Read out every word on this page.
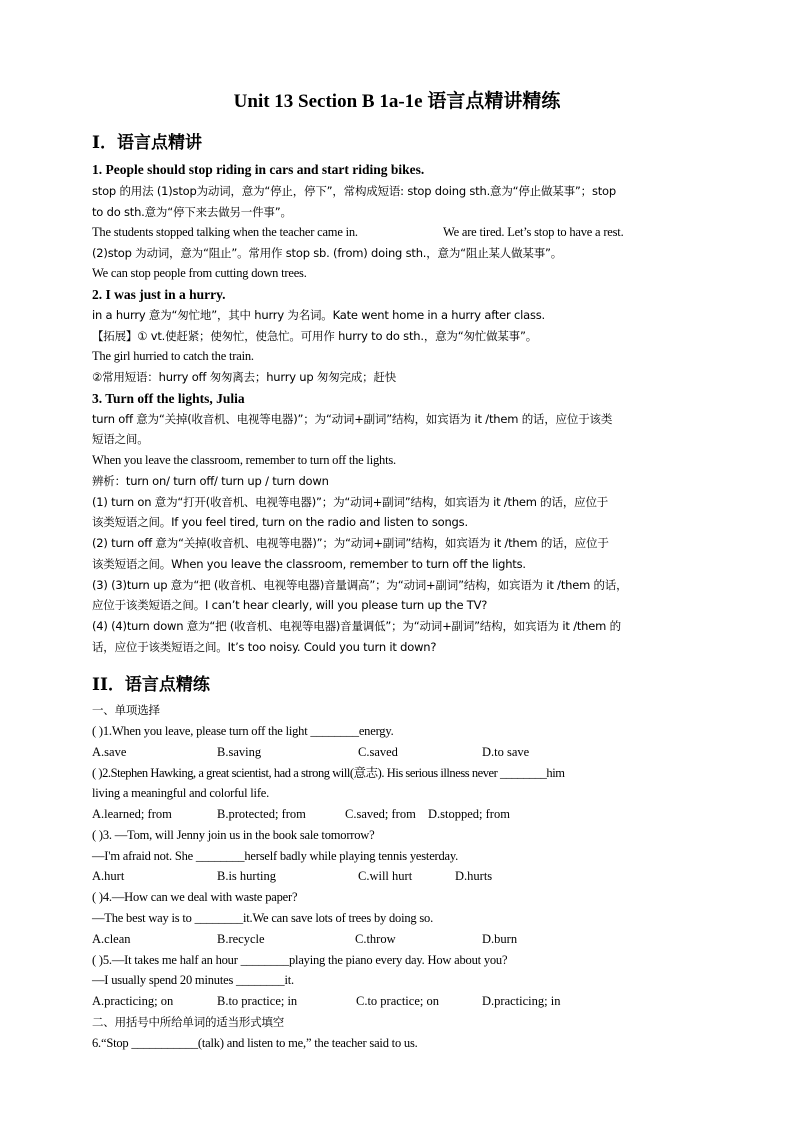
Unit 13 Section B 1a-1e 语言点精讲精练
I．语言点精讲
1. People should stop riding in cars and start riding bikes.
stop 的用法 (1)stop为动词，意为“停止，停下”，常构成短语: stop doing sth.意为“停止做某事”；stop
to do sth.意为“停下来去做另一件事”。
The students stopped talking when the teacher came in.	We are tired. Let’s stop to have a rest.
(2)stop 为动词，意为“阻止”。常用作 stop sb. (from) doing sth.，意为“阻止某人做某事”。
We can stop people from cutting down trees.
2. I was just in a hurry.
in a hurry 意为“匆忙地”，其中 hurry 为名词。Kate went home in a hurry after class.
【拓展】① vt.使赶紧；使匆忙，使急忙。可用作 hurry to do sth.，意为“匆忙做某事”。
The girl hurried to catch the train.
②常用短语：hurry off 匆匆离去；hurry up 匆匆完成；赶快
3. Turn off the lights, Julia
turn off 意为“关掉(收音机、电视等电器)”；为“动词+副词”结构，如宾语为 it /them 的话，应位于该类
短语之间。
When you leave the classroom, remember to turn off the lights.
辨析：turn on/ turn off/ turn up / turn down
(1) turn on 意为“打开(收音机、电视等电器)”；为“动词+副词”结构，如宾语为 it /them 的话，应位于
该类短语之间。If you feel tired, turn on the radio and listen to songs.
(2) turn off 意为“关掉(收音机、电视等电器)”；为“动词+副词”结构，如宾语为 it /them 的话，应位于
该类短语之间。When you leave the classroom, remember to turn off the lights.
(3) (3)turn up 意为“把 (收音机、电视等电器)音量调高”；为“动词+副词”结构，如宾语为 it /them 的话，
应位于该类短语之间。I can’t hear clearly, will you please turn up the TV?
(4) (4)turn down 意为“把 (收音机、电视等电器)音量调低”；为“动词+副词”结构，如宾语为 it /them 的
话，应位于该类短语之间。It’s too noisy. Could you turn it down?
II．语言点精练
一、单项选择
( )1.When you leave, please turn off the light ________energy.
A.save	B.saving	C.saved	D.to save
( )2.Stephen Hawking, a great scientist, had a strong will(意志). His serious illness never ________him
living a meaningful and colorful life.
A.learned; from	B.protected; from	C.saved; from D.stopped; from
( )3. —Tom, will Jenny join us in the book sale tomorrow?
—I'm afraid not. She ________herself badly while playing tennis yesterday.
A.hurt	B.is hurting	C.will hurt	D.hurts
( )4.—How can we deal with waste paper?
—The best way is to ________it.We can save lots of trees by doing so.
A.clean	B.recycle	C.throw	D.burn
( )5.—It takes me half an hour ________playing the piano every day. How about you?
—I usually spend 20 minutes ________it.
A.practicing; on	B.to practice; in	C.to practice; on	D.practicing; in
二、用括号中所给单词的适当形式填空
6.“Stop ___________(talk) and listen to me,” the teacher said to us.
